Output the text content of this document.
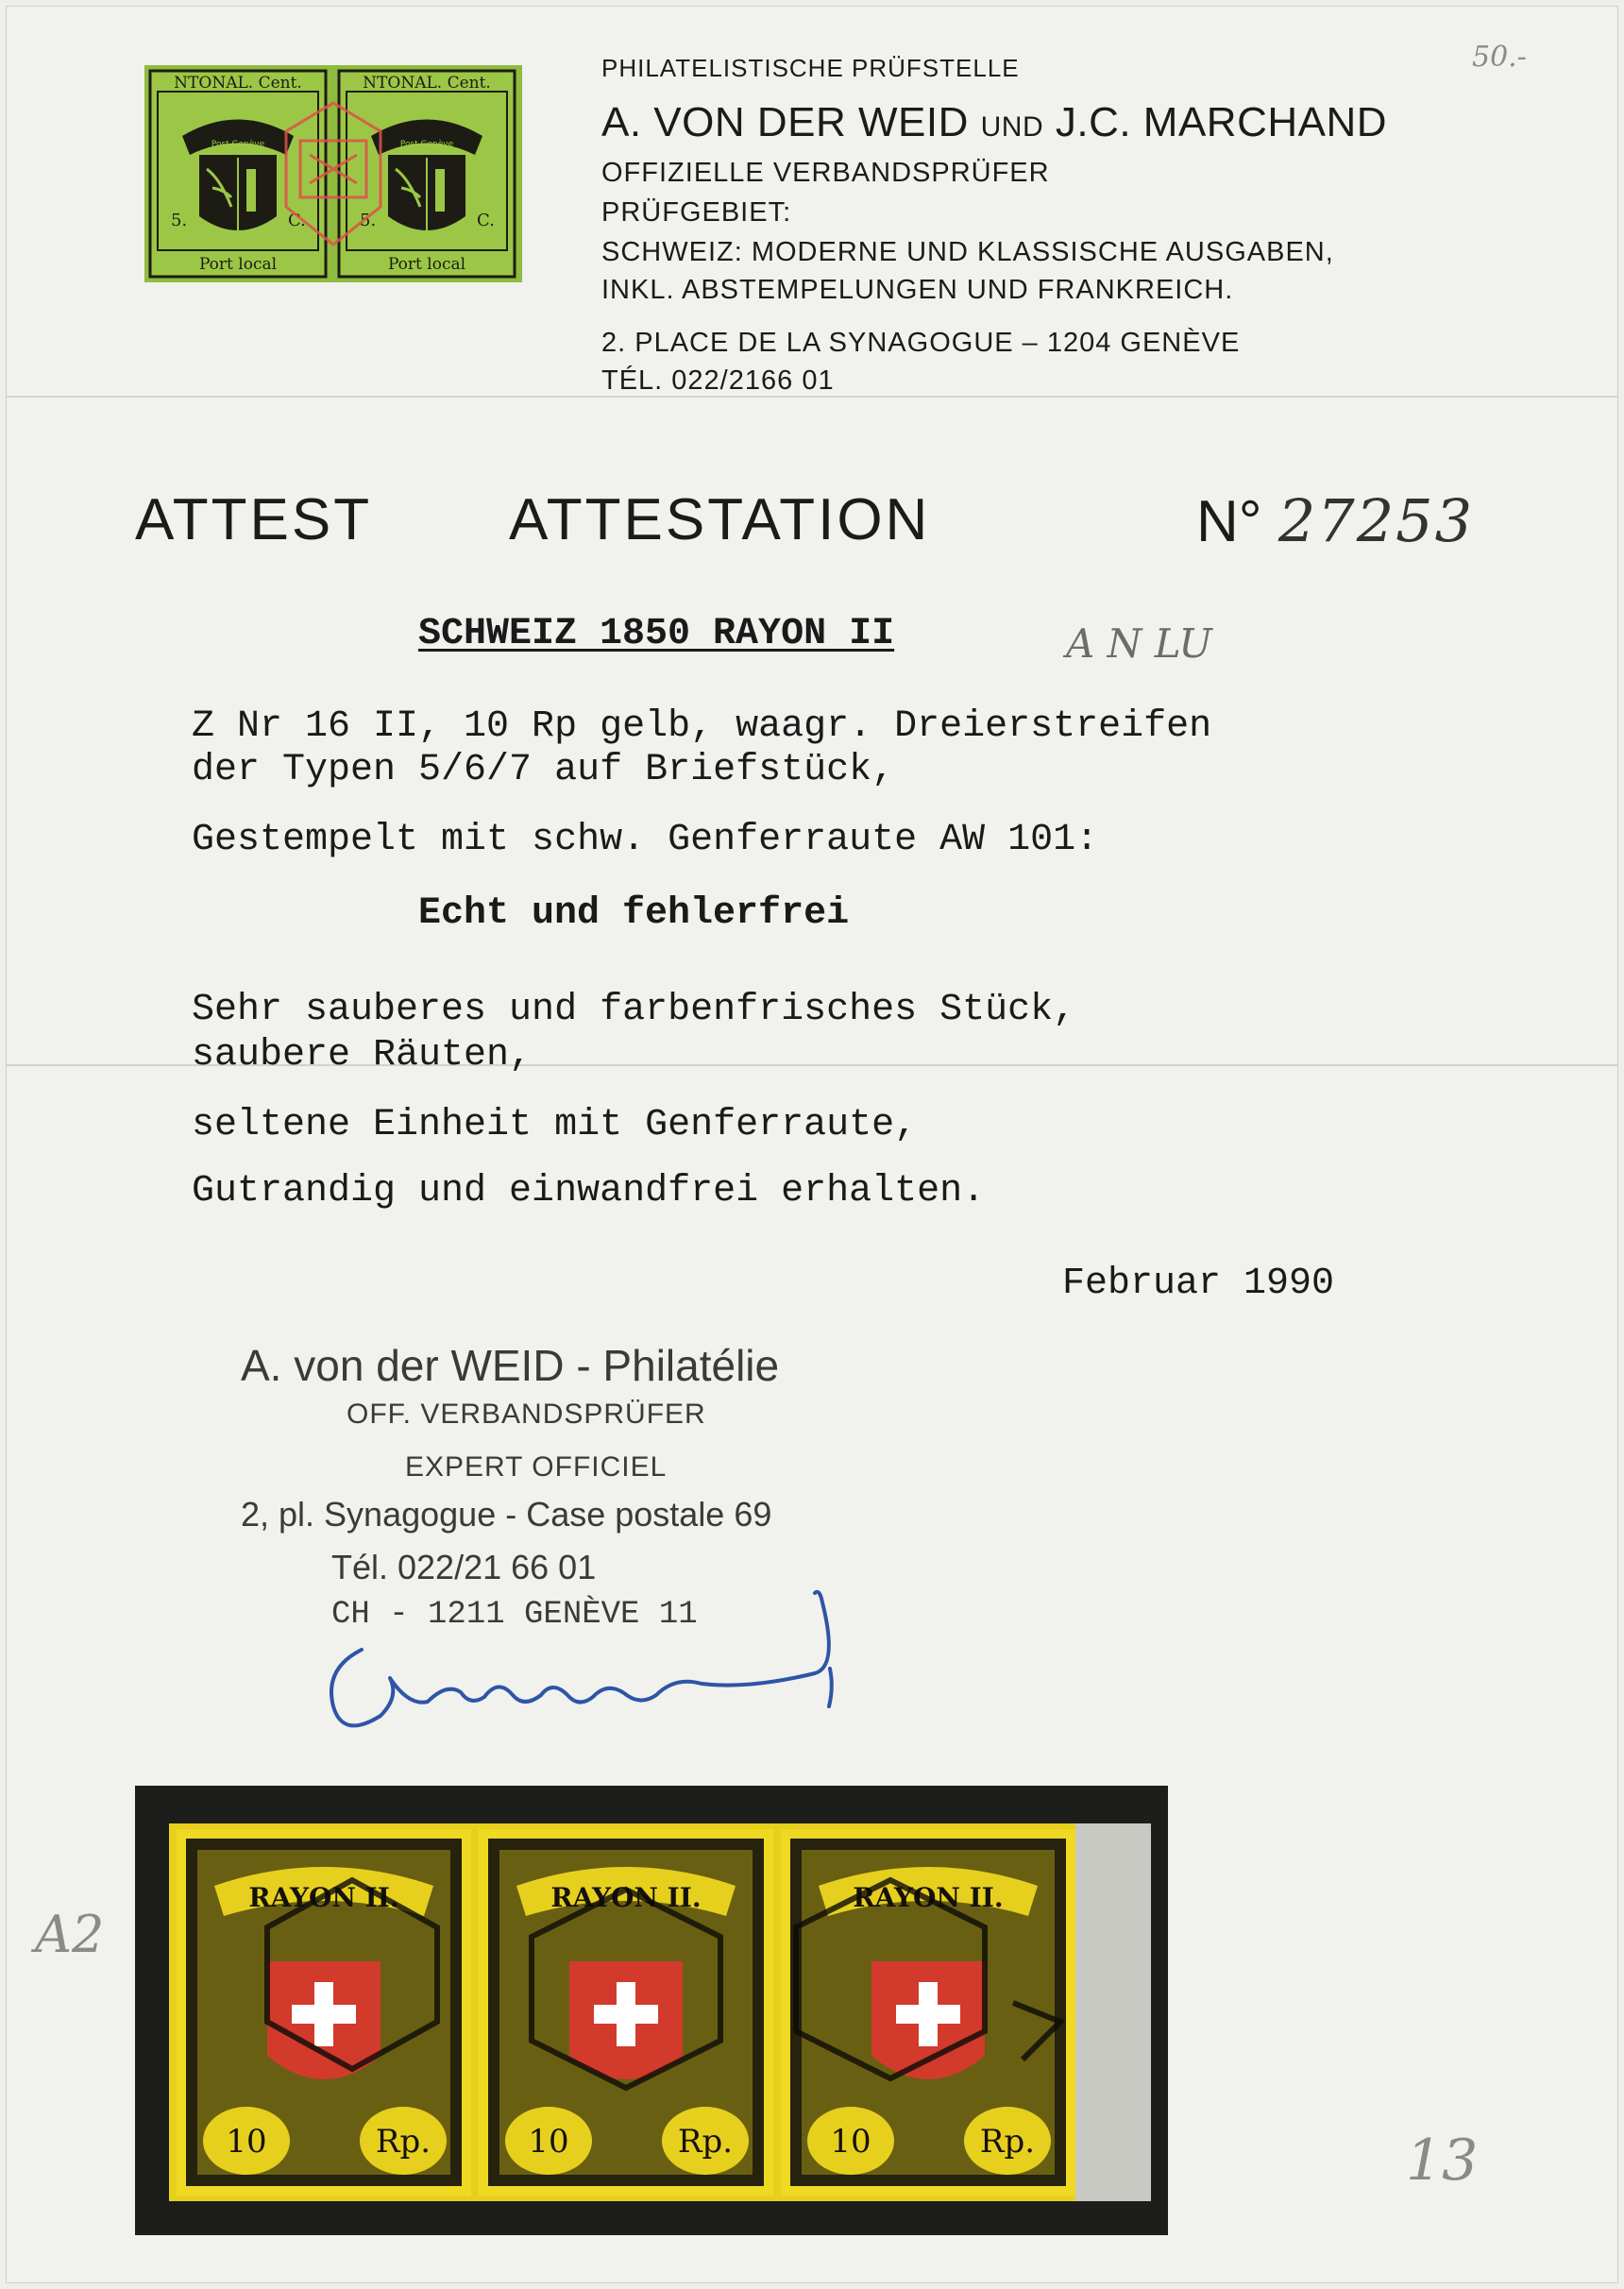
50.-
NTONAL. Cent.
Port local
Post Genève
5.	C.
NTONAL. Cent.
Port local
Post Genève
5.	C.
PHILATELISTISCHE PRÜFSTELLE
A. VON DER WEID UND J.C. MARCHAND
OFFIZIELLE VERBANDSPRÜFER
PRÜFGEBIET:
SCHWEIZ: MODERNE UND KLASSISCHE AUSGABEN,
INKL. ABSTEMPELUNGEN UND FRANKREICH.
2. PLACE DE LA SYNAGOGUE – 1204 GENÈVE
TÉL. 022/2166 01
ATTEST ATTESTATION	N° 27253
SCHWEIZ 1850 RAYON II	A N LU
Z Nr 16 II, 10 Rp gelb, waagr. Dreierstreifen
der Typen 5/6/7 auf Briefstück,
Gestempelt mit schw. Genferraute AW 101:
Echt und fehlerfrei
Sehr sauberes und farbenfrisches Stück,
saubere Räuten,
seltene Einheit mit Genferraute,
Gutrandig und einwandfrei erhalten.
Februar 1990
A. von der WEID - Philatélie
OFF. VERBANDSPRÜFER
EXPERT OFFICIEL
2, pl. Synagogue - Case postale 69
Tél. 022/21 66 01
CH - 1211 GENÈVE 11
A2
13
RAYON II.
10	Rp.
RAYON II.
10	Rp.
RAYON II.
10	Rp.
